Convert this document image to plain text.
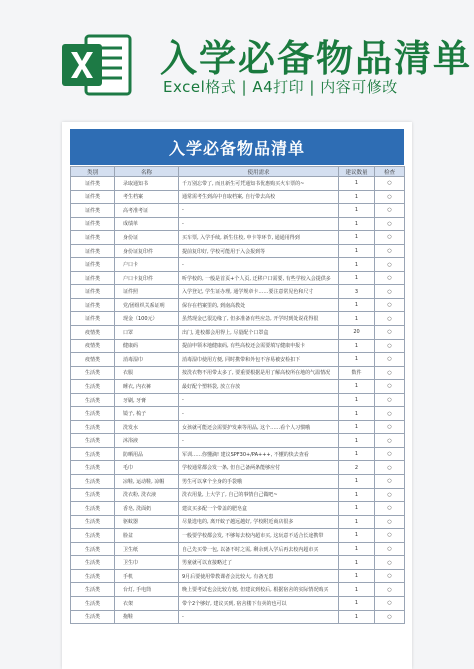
入学必备物品清单
Excel格式 | A4打印 | 内容可修改
入学必备物品清单
类别	名称	使用需求	建议数量	检查
证件类	录取通知书	千万别忘带了, 而且新生可凭通知书优惠购买火车票的~	1	○
证件类	考生档案	通常需考生到高中自取档案, 自行带去高校	1	○
证件类	高考准考证	-	1	○
证件类	成绩单	-	1	○
证件类	身份证	买车票, 入学手续, 新生住校, 申卡等环节, 通通用得到	1	○
证件类	身份证复印件	提前复印好, 学校可能用于入会报到等	1	○
证件类	户口卡	-	1	○
证件类	户口卡复印件	听学校的, 一般是首页+个人页, 迁移户口需要, 有些学校入会提供多	1	○
证件类	证件照	入学登记, 学生证办理, 通学规章卡……要注意常见色和尺寸	3	○
证件类	党/团组织关系证明	保存在档案里的, 到南高教处	1	○
证件类	现金（100元）	虽然现金已很边缘了, 但多准备有些应急, 开学时到处说花得很	1	○
疫情类	口罩	出门, 进校都会用得上, 尽量配个口罩盒	20	○
疫情类	健康码	提前申领本地健康码, 有些高校还会需要填写健康申报卡	1	○
疫情类	消毒湿巾	消毒湿巾使用方便, 同时携带和外包不容易被安检扣下	1	○
生活类	衣服	按洗衣物不用带太多了, 要重要根据是用了解高校所在地的气温情况	数件	○
生活类	睡衣, 内衣裤	最好配个塑料袋, 放立存放	1	○
生活类	牙刷, 牙膏	-	1	○
生活类	镜子, 梳子	-	1	○
生活类	洗发水	女孩就可能还会需要护发素等用品, 这个……看个人习惯哦	1	○
生活类	沐浴液	-	1	○
生活类	防晒用品	军训……你懂滴! 建议SPF30+/PA+++, 不懂的快去查看	1	○
生活类	毛巾	学校通常都会发一条, 但自己备两条能够应付	2	○
生活类	凉鞋, 运动鞋, 凉帽	男生可以拿个全身的手袋哦	1	○
生活类	洗衣粉, 洗衣液	洗衣用量, 上大学了, 自己的事情自己做吧~	1	○
生活类	香皂, 洗面奶	建议买多配一个带盖的肥皂盒	1	○
生活类	驱蚊器	尽量选电的, 离开蚊子越远越好, 学校附近商店很多	1	○
生活类	脸盆	一般要学校都会发, 不够每去校内超市买, 这玩意不适合长途携带	1	○
生活类	卫生纸	自己先买带一包, 以备不时之需, 剩余到入学后再去校内超市买	1	○
生活类	卫生巾	男童就可以直接略过了	1	○
生活类	手机	9月后要使用带教课者会比较大, 有备无患	1	○
生活类	台灯, 手电筒	晚上要考试也会比较方便, 但建议到校后, 根据宿舍的实际情况购买	1	○
生活类	衣架	带个2个够好, 建议买到, 宿舍楼下有卖的也可以	1	○
生活类	拖鞋	-	1	○
